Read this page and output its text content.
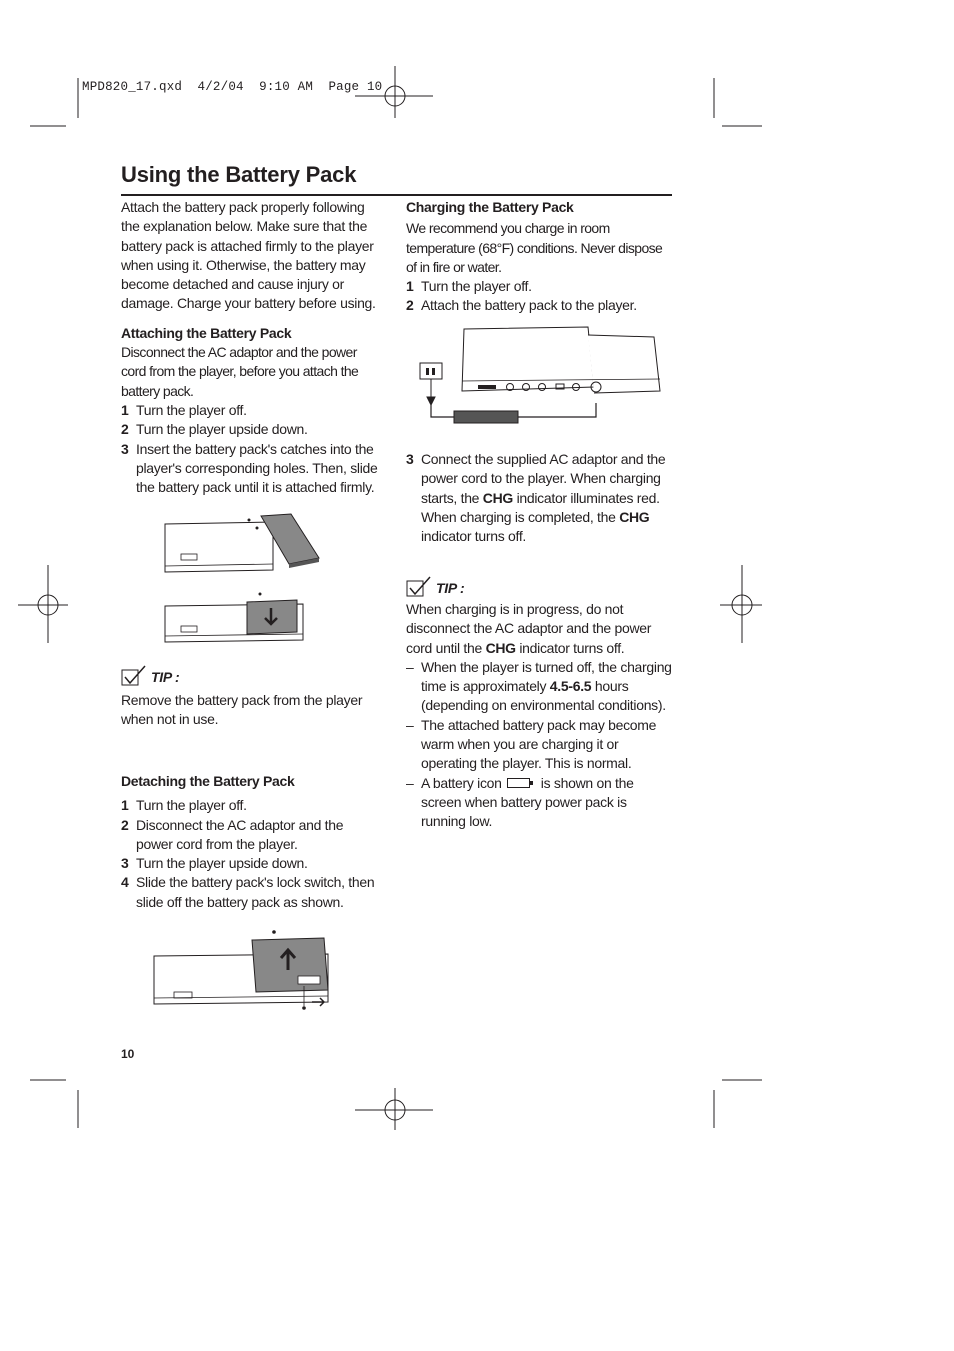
MPD820_17.qxd  4/2/04  9:10 AM  Page 10
Using the Battery Pack

Attach the battery pack properly following the explanation below. Make sure that the battery pack is attached firmly to the player when using it. Otherwise, the battery may become detached and cause injury or damage. Charge your battery before using.

Attaching the Battery Pack

Disconnect the AC adaptor and the power cord from the player, before you attach the battery pack.

1 Turn the player off.
2 Turn the player upside down.
3 Insert the battery pack's catches into the player's corresponding holes. Then, slide the battery pack until it is attached firmly.
TIP :

Remove the battery pack from the player when not in use.

Detaching the Battery Pack

1 Turn the player off.
2 Disconnect the AC adaptor and the power cord from the player.
3 Turn the player upside down.
4 Slide the battery pack's lock switch, then slide off the battery pack as shown.

Charging the Battery Pack

We recommend you charge in room temperature (68°F) conditions. Never dispose of in fire or water.

1 Turn the player off.
2 Attach the battery pack to the player.
3 Connect the supplied AC adaptor and the power cord to the player. When charging starts, the CHG indicator illuminates red. When charging is completed, the CHG indicator turns off.
TIP :

When charging is in progress, do not disconnect the AC adaptor and the power cord until the CHG indicator turns off.

– When the player is turned off, the charging time is approximately 4.5-6.5 hours (depending on environmental conditions).
– The attached battery pack may become warm when you are charging it or operating the player. This is normal.
– A battery icon  is shown on the screen when battery power pack is running low.
10
